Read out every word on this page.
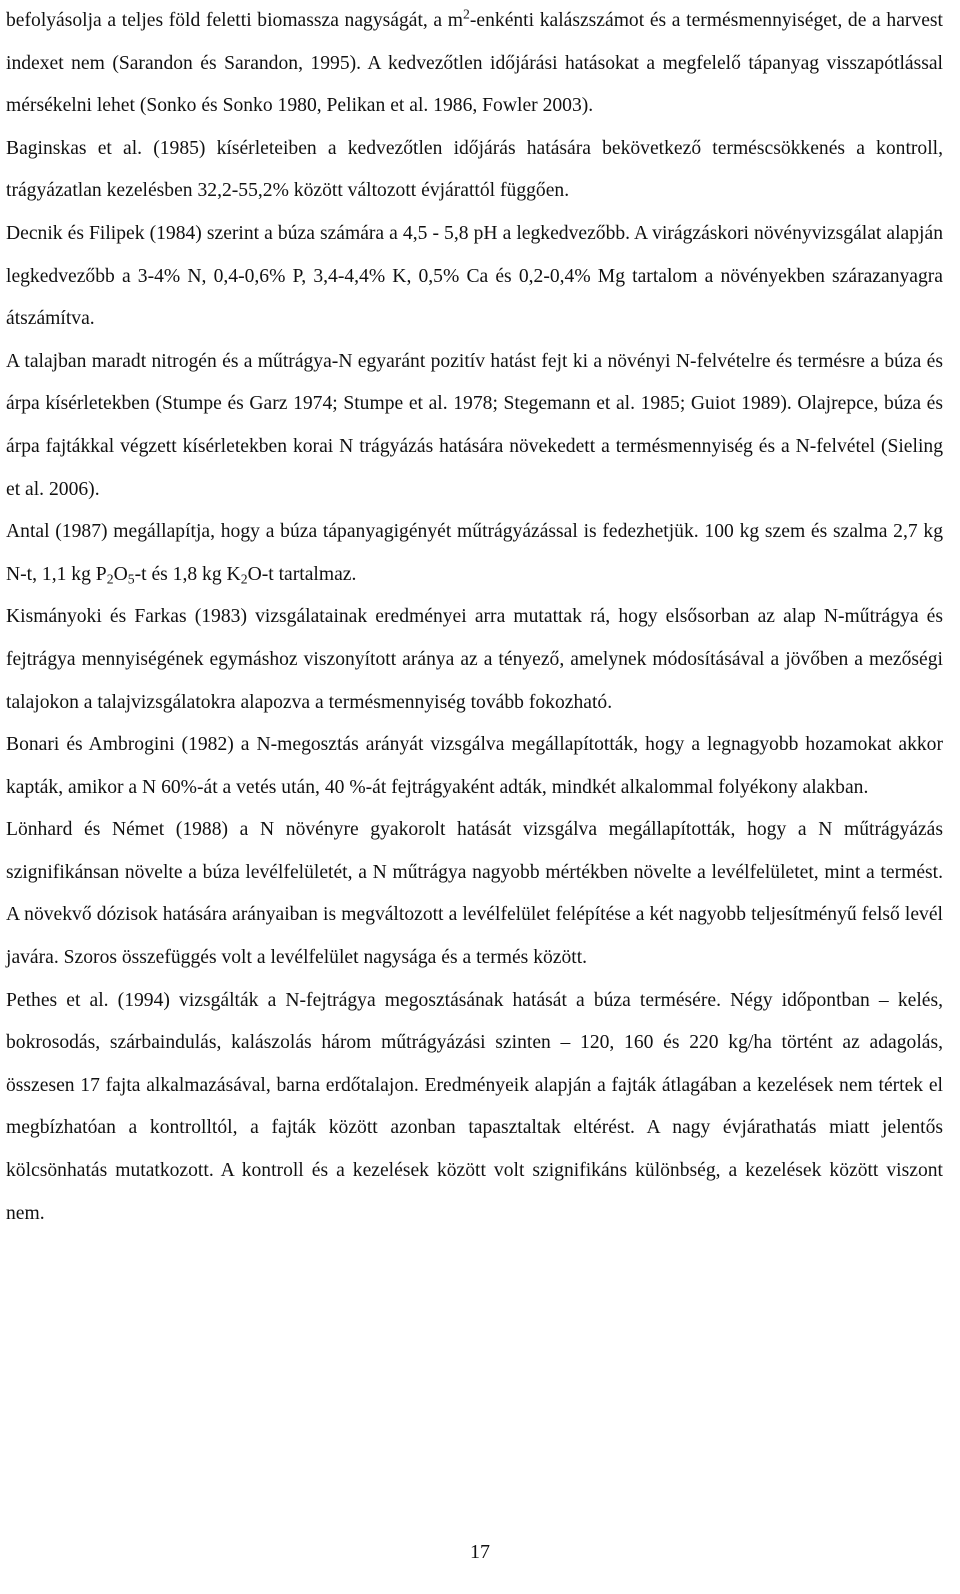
befolyásolja a teljes föld feletti biomassza nagyságát, a $m^2$-enkénti kalászszámot és a termésmennyiséget, de a harvest indexet nem (Sarandon és Sarandon, 1995). A kedvezőtlen időjárási hatásokat a megfelelő tápanyag visszapótlással mérsékelni lehet (Sonko és Sonko 1980, Pelikan et al. 1986, Fowler 2003).

Baginskas et al. (1985) kísérleteiben a kedvezőtlen időjárás hatására bekövetkező terméscsökkenés a kontroll, trágyázatlan kezelésben 32,2-55,2% között változott évjárattól függően.

Decnik és Filipek (1984) szerint a búza számára a 4,5 - 5,8 pH a legkedvezőbb. A virágzáskori növényvizsgálat alapján legkedvezőbb a 3-4% N, 0,4-0,6% P, 3,4-4,4% K, 0,5% Ca és 0,2-0,4% Mg tartalom a növényekben szárazanyagra átszámítva.

A talajban maradt nitrogén és a műtrágya-N egyaránt pozitív hatást fejt ki a növényi N-felvételre és termésre a búza és árpa kísérletekben (Stumpe és Garz 1974; Stumpe et al. 1978; Stegemann et al. 1985; Guiot 1989). Olajrepce, búza és árpa fajtákkal végzett kísérletekben korai N trágyázás hatására növekedett a termésmennyiség és a N-felvétel (Sieling et al. 2006).

Antal (1987) megállapítja, hogy a búza tápanyagigényét műtrágyázással is fedezhetjük. 100 kg szem és szalma 2,7 kg N-t, 1,1 kg P2O5-t és 1,8 kg K2O-t tartalmaz.

Kismányoki és Farkas (1983) vizsgálatainak eredményei arra mutattak rá, hogy elsősorban az alap N-műtrágya és fejtrágya mennyiségének egymáshoz viszonyított aránya az a tényező, amelynek módosításával a jövőben a mezőségi talajokon a talajvizsgálatokra alapozva a termésmennyiség tovább fokozható.

Bonari és Ambrogini (1982) a N-megosztás arányát vizsgálva megállapították, hogy a legnagyobb hozamokat akkor kapták, amikor a N 60%-át a vetés után, 40 %-át fejtrágyaként adták, mindkét alkalommal folyékony alakban.

Lönhard és Német (1988) a N növényre gyakorolt hatását vizsgálva megállapították, hogy a N műtrágyázás szignifikánsan növelte a búza levélfelületét, a N műtrágya nagyobb mértékben növelte a levélfelületet, mint a termést. A növekvő dózisok hatására arányaiban is megváltozott a levélfelület felépítése a két nagyobb teljesítményű felső levél javára. Szoros összefüggés volt a levélfelület nagysága és a termés között.

Pethes et al. (1994) vizsgálták a N-fejtrágya megosztásának hatását a búza termésére. Négy időpontban – kelés, bokrosodás, szárbaindulás, kalászolás három műtrágyázási szinten – 120, 160 és 220 kg/ha történt az adagolás, összesen 17 fajta alkalmazásával, barna erdőtalajon. Eredményeik alapján a fajták átlagában a kezelések nem tértek el megbízhatóan a kontrolltól, a fajták között azonban tapasztaltak eltérést. A nagy évjárathatás miatt jelentős kölcsönhatás mutatkozott. A kontroll és a kezelések között volt szignifikáns különbség, a kezelések között viszont nem.

17
